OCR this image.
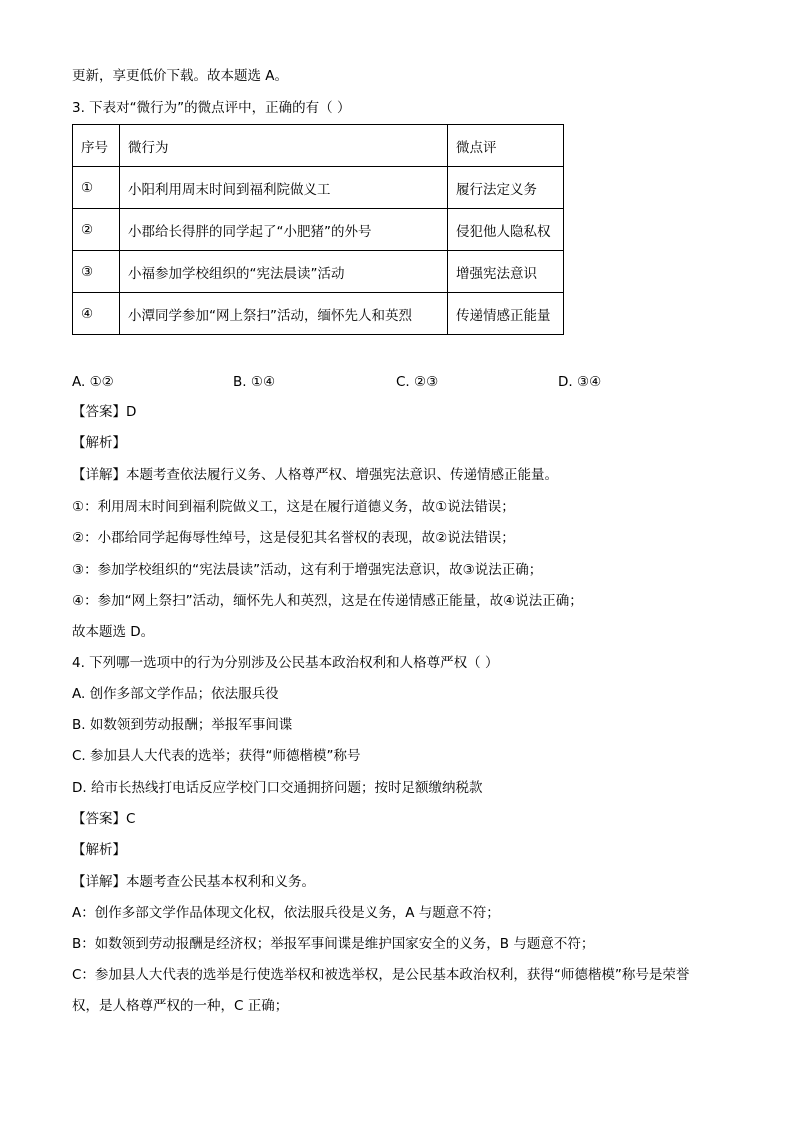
更新，享更低价下载。故本题选 A。
3. 下表对“微行为”的微点评中，正确的有（ ）
序号	微行为	微点评
①	小阳利用周末时间到福利院做义工	履行法定义务
②	小郡给长得胖的同学起了“小肥猪”的外号	侵犯他人隐私权
③	小福参加学校组织的“宪法晨读”活动	增强宪法意识
④	小潭同学参加“网上祭扫”活动，缅怀先人和英烈	传递情感正能量
A. ①②	B. ①④	C. ②③	D. ③④
【答案】D
【解析】
【详解】本题考查依法履行义务、人格尊严权、增强宪法意识、传递情感正能量。
①：利用周末时间到福利院做义工，这是在履行道德义务，故①说法错误；
②：小郡给同学起侮辱性绰号，这是侵犯其名誉权的表现，故②说法错误；
③：参加学校组织的“宪法晨读”活动，这有利于增强宪法意识，故③说法正确；
④：参加“网上祭扫”活动，缅怀先人和英烈，这是在传递情感正能量，故④说法正确；
故本题选 D。
4. 下列哪一选项中的行为分别涉及公民基本政治权利和人格尊严权（ ）
A. 创作多部文学作品；依法服兵役
B. 如数领到劳动报酬；举报军事间谍
C. 参加县人大代表的选举；获得“师德楷模”称号
D. 给市长热线打电话反应学校门口交通拥挤问题；按时足额缴纳税款
【答案】C
【解析】
【详解】本题考查公民基本权利和义务。
A：创作多部文学作品体现文化权，依法服兵役是义务，A 与题意不符；
B：如数领到劳动报酬是经济权；举报军事间谍是维护国家安全的义务，B 与题意不符；
C：参加县人大代表的选举是行使选举权和被选举权，是公民基本政治权利，获得“师德楷模”称号是荣誉
权，是人格尊严权的一种，C 正确；
